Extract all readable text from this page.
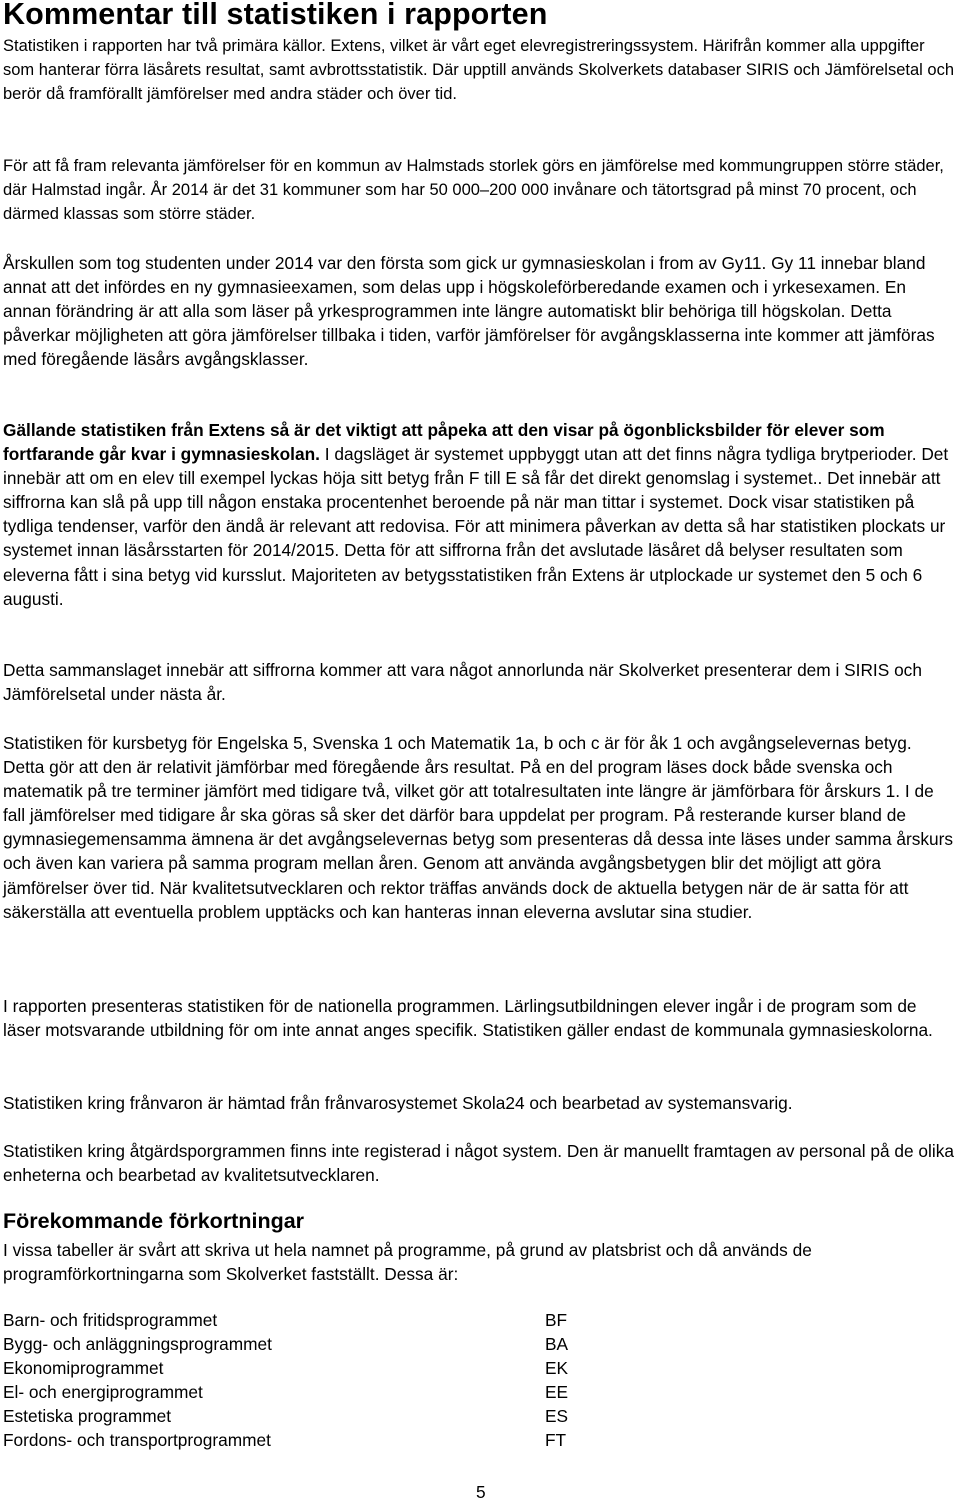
Kommentar till statistiken i rapporten

Statistiken i rapporten har två primära källor. Extens, vilket är vårt eget elevregistreringssystem. Härifrån kommer alla uppgifter som hanterar förra läsårets resultat, samt avbrottsstatistik. Där upptill används Skolverkets databaser SIRIS och Jämförelsetal och berör då framförallt jämförelser med andra städer och över tid.

För att få fram relevanta jämförelser för en kommun av Halmstads storlek görs en jämförelse med kommungruppen större städer, där Halmstad ingår. År 2014 är det 31 kommuner som har 50 000–200 000 invånare och tätortsgrad på minst 70 procent, och därmed klassas som större städer.

Årskullen som tog studenten under 2014 var den första som gick ur gymnasieskolan i from av Gy11. Gy 11 innebar bland annat att det infördes en ny gymnasieexamen, som delas upp i högskoleförberedande examen och i yrkesexamen. En annan förändring är att alla som läser på yrkesprogrammen inte längre automatiskt blir behöriga till högskolan. Detta påverkar möjligheten att göra jämförelser tillbaka i tiden, varför jämförelser för avgångsklasserna inte kommer att jämföras med föregående läsårs avgångsklasser.

Gällande statistiken från Extens så är det viktigt att påpeka att den visar på ögonblicksbilder för elever som fortfarande går kvar i gymnasieskolan. I dagsläget är systemet uppbyggt utan att det finns några tydliga brytperioder. Det innebär att om en elev till exempel lyckas höja sitt betyg från F till E så får det direkt genomslag i systemet.. Det innebär att siffrorna kan slå på upp till någon enstaka procentenhet beroende på när man tittar i systemet. Dock visar statistiken på tydliga tendenser, varför den ändå är relevant att redovisa. För att minimera påverkan av detta så har statistiken plockats ur systemet innan läsårsstarten för 2014/2015. Detta för att siffrorna från det avslutade läsåret då belyser resultaten som eleverna fått i sina betyg vid kursslut. Majoriteten av betygsstatistiken från Extens är utplockade ur systemet den 5 och 6 augusti.

Detta sammanslaget innebär att siffrorna kommer att vara något annorlunda när Skolverket presenterar dem i SIRIS och Jämförelsetal under nästa år.

Statistiken för kursbetyg för Engelska 5, Svenska 1 och Matematik 1a, b och c är för åk 1 och avgångselevernas betyg. Detta gör att den är relativit jämförbar med föregående års resultat. På en del program läses dock både svenska och matematik på tre terminer jämfört med tidigare två, vilket gör att totalresultaten inte längre är jämförbara för årskurs 1. I de fall jämförelser med tidigare år ska göras så sker det därför bara uppdelat per program. På resterande kurser bland de gymnasiegemensamma ämnena är det avgångselevernas betyg som presenteras då dessa inte läses under samma årskurs och även kan variera på samma program mellan åren. Genom att använda avgångsbetygen blir det möjligt att göra jämförelser över tid. När kvalitetsutvecklaren och rektor träffas används dock de aktuella betygen när de är satta för att säkerställa att eventuella problem upptäcks och kan hanteras innan eleverna avslutar sina studier.

I rapporten presenteras statistiken för de nationella programmen. Lärlingsutbildningen elever ingår i de program som de läser motsvarande utbildning för om inte annat anges specifik. Statistiken gäller endast de kommunala gymnasieskolorna.

Statistiken kring frånvaron är hämtad från frånvarosystemet Skola24 och bearbetad av systemansvarig.

Statistiken kring åtgärdsporgrammen finns inte registerad i något system. Den är manuellt framtagen av personal på de olika enheterna och bearbetad av kvalitetsutvecklaren.

Förekommande förkortningar

I vissa tabeller är svårt att skriva ut hela namnet på programme, på grund av platsbrist och då används de programförkortningarna som Skolverket fastställt. Dessa är:

Barn- och fritidsprogrammet	BF
Bygg- och anläggningsprogrammet	BA
Ekonomiprogrammet	EK
El- och energiprogrammet	EE
Estetiska programmet	ES
Fordons- och transportprogrammet	FT
5
